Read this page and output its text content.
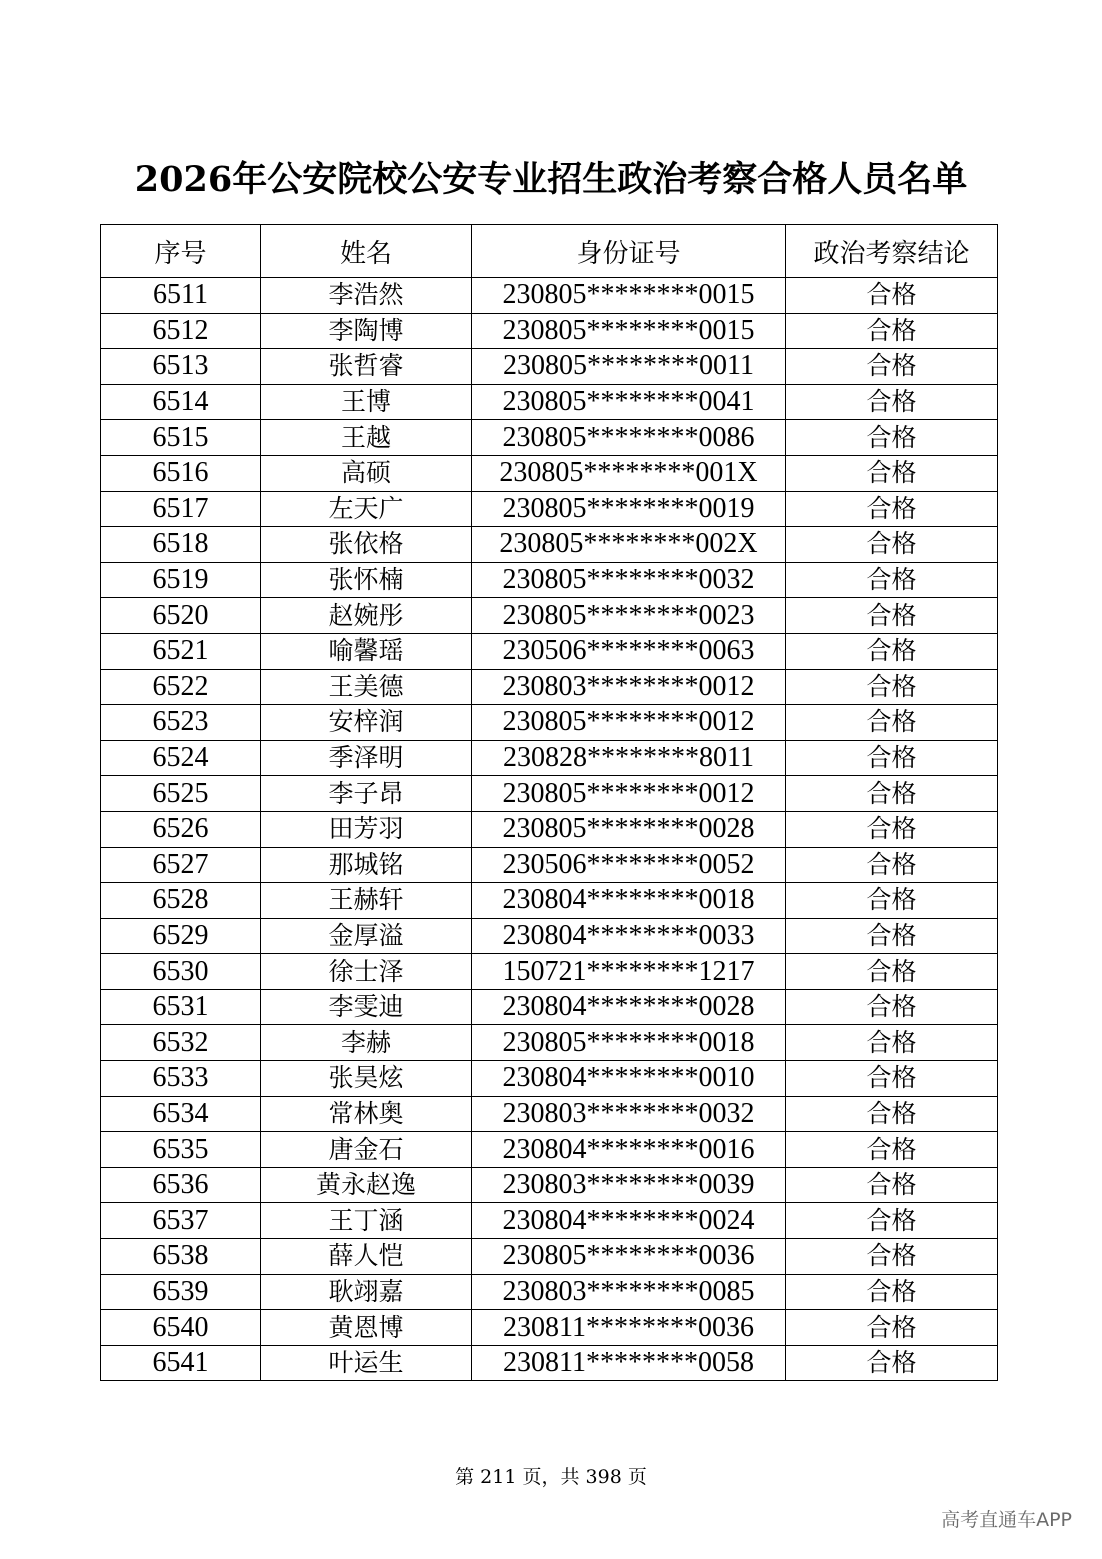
2026年公安院校公安专业招生政治考察合格人员名单
序号	姓名	身份证号	政治考察结论
6511	李浩然	230805********0015	合格
6512	李陶博	230805********0015	合格
6513	张哲睿	230805********0011	合格
6514	王博	230805********0041	合格
6515	王越	230805********0086	合格
6516	高硕	230805********001X	合格
6517	左天广	230805********0019	合格
6518	张依格	230805********002X	合格
6519	张怀楠	230805********0032	合格
6520	赵婉彤	230805********0023	合格
6521	喻馨瑶	230506********0063	合格
6522	王美德	230803********0012	合格
6523	安梓润	230805********0012	合格
6524	季泽明	230828********8011	合格
6525	李子昂	230805********0012	合格
6526	田芳羽	230805********0028	合格
6527	那城铭	230506********0052	合格
6528	王赫轩	230804********0018	合格
6529	金厚溢	230804********0033	合格
6530	徐士泽	150721********1217	合格
6531	李雯迪	230804********0028	合格
6532	李赫	230805********0018	合格
6533	张昊炫	230804********0010	合格
6534	常林奥	230803********0032	合格
6535	唐金石	230804********0016	合格
6536	黄永赵逸	230803********0039	合格
6537	王丁涵	230804********0024	合格
6538	薛人恺	230805********0036	合格
6539	耿翊嘉	230803********0085	合格
6540	黄恩博	230811********0036	合格
6541	叶运生	230811********0058	合格
第 211 页，共 398 页
高考直通车APP
